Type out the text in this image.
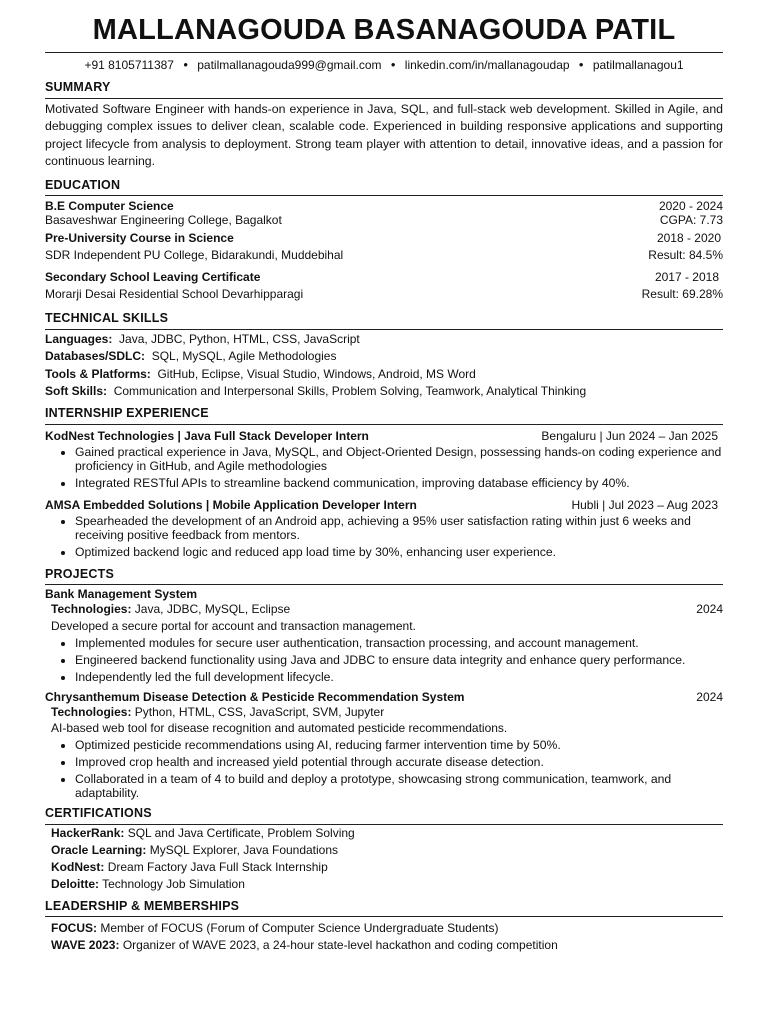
MALLANAGOUDA BASANAGOUDA PATIL
+91 8105711387 • patilmallanagouda999@gmail.com • linkedin.com/in/mallanagoudap • patilmallanagou1
SUMMARY
Motivated Software Engineer with hands-on experience in Java, SQL, and full-stack web development. Skilled in Agile, and debugging complex issues to deliver clean, scalable code. Experienced in building responsive applications and supporting project lifecycle from analysis to deployment. Strong team player with attention to detail, innovative ideas, and a passion for continuous learning.
EDUCATION
B.E Computer Science	2020 - 2024
Basaveshwar Engineering College, Bagalkot	CGPA: 7.73
Pre-University Course in Science	2018 - 2020
SDR Independent PU College, Bidarakundi, Muddebihal	Result: 84.5%
Secondary School Leaving Certificate	2017 - 2018
Morarji Desai Residential School Devarhipparagi	Result: 69.28%
TECHNICAL SKILLS
Languages: Java, JDBC, Python, HTML, CSS, JavaScript
Databases/SDLC: SQL, MySQL, Agile Methodologies
Tools & Platforms: GitHub, Eclipse, Visual Studio, Windows, Android, MS Word
Soft Skills: Communication and Interpersonal Skills, Problem Solving, Teamwork, Analytical Thinking
INTERNSHIP EXPERIENCE
KodNest Technologies | Java Full Stack Developer Intern	Bengaluru | Jun 2024 – Jan 2025
• Gained practical experience in Java, MySQL, and Object-Oriented Design, possessing hands-on coding experience and proficiency in GitHub, and Agile methodologies
• Integrated RESTful APIs to streamline backend communication, improving database efficiency by 40%.
AMSA Embedded Solutions | Mobile Application Developer Intern	Hubli | Jul 2023 – Aug 2023
• Spearheaded the development of an Android app, achieving a 95% user satisfaction rating within just 6 weeks and receiving positive feedback from mentors.
• Optimized backend logic and reduced app load time by 30%, enhancing user experience.
PROJECTS
Bank Management System
Technologies: Java, JDBC, MySQL, Eclipse	2024
Developed a secure portal for account and transaction management.
• Implemented modules for secure user authentication, transaction processing, and account management.
• Engineered backend functionality using Java and JDBC to ensure data integrity and enhance query performance.
• Independently led the full development lifecycle.
Chrysanthemum Disease Detection & Pesticide Recommendation System	2024
Technologies: Python, HTML, CSS, JavaScript, SVM, Jupyter
AI-based web tool for disease recognition and automated pesticide recommendations.
• Optimized pesticide recommendations using AI, reducing farmer intervention time by 50%.
• Improved crop health and increased yield potential through accurate disease detection.
• Collaborated in a team of 4 to build and deploy a prototype, showcasing strong communication, teamwork, and adaptability.
CERTIFICATIONS
HackerRank: SQL and Java Certificate, Problem Solving
Oracle Learning: MySQL Explorer, Java Foundations
KodNest: Dream Factory Java Full Stack Internship
Deloitte: Technology Job Simulation
LEADERSHIP & MEMBERSHIPS
FOCUS: Member of FOCUS (Forum of Computer Science Undergraduate Students)
WAVE 2023: Organizer of WAVE 2023, a 24-hour state-level hackathon and coding competition
